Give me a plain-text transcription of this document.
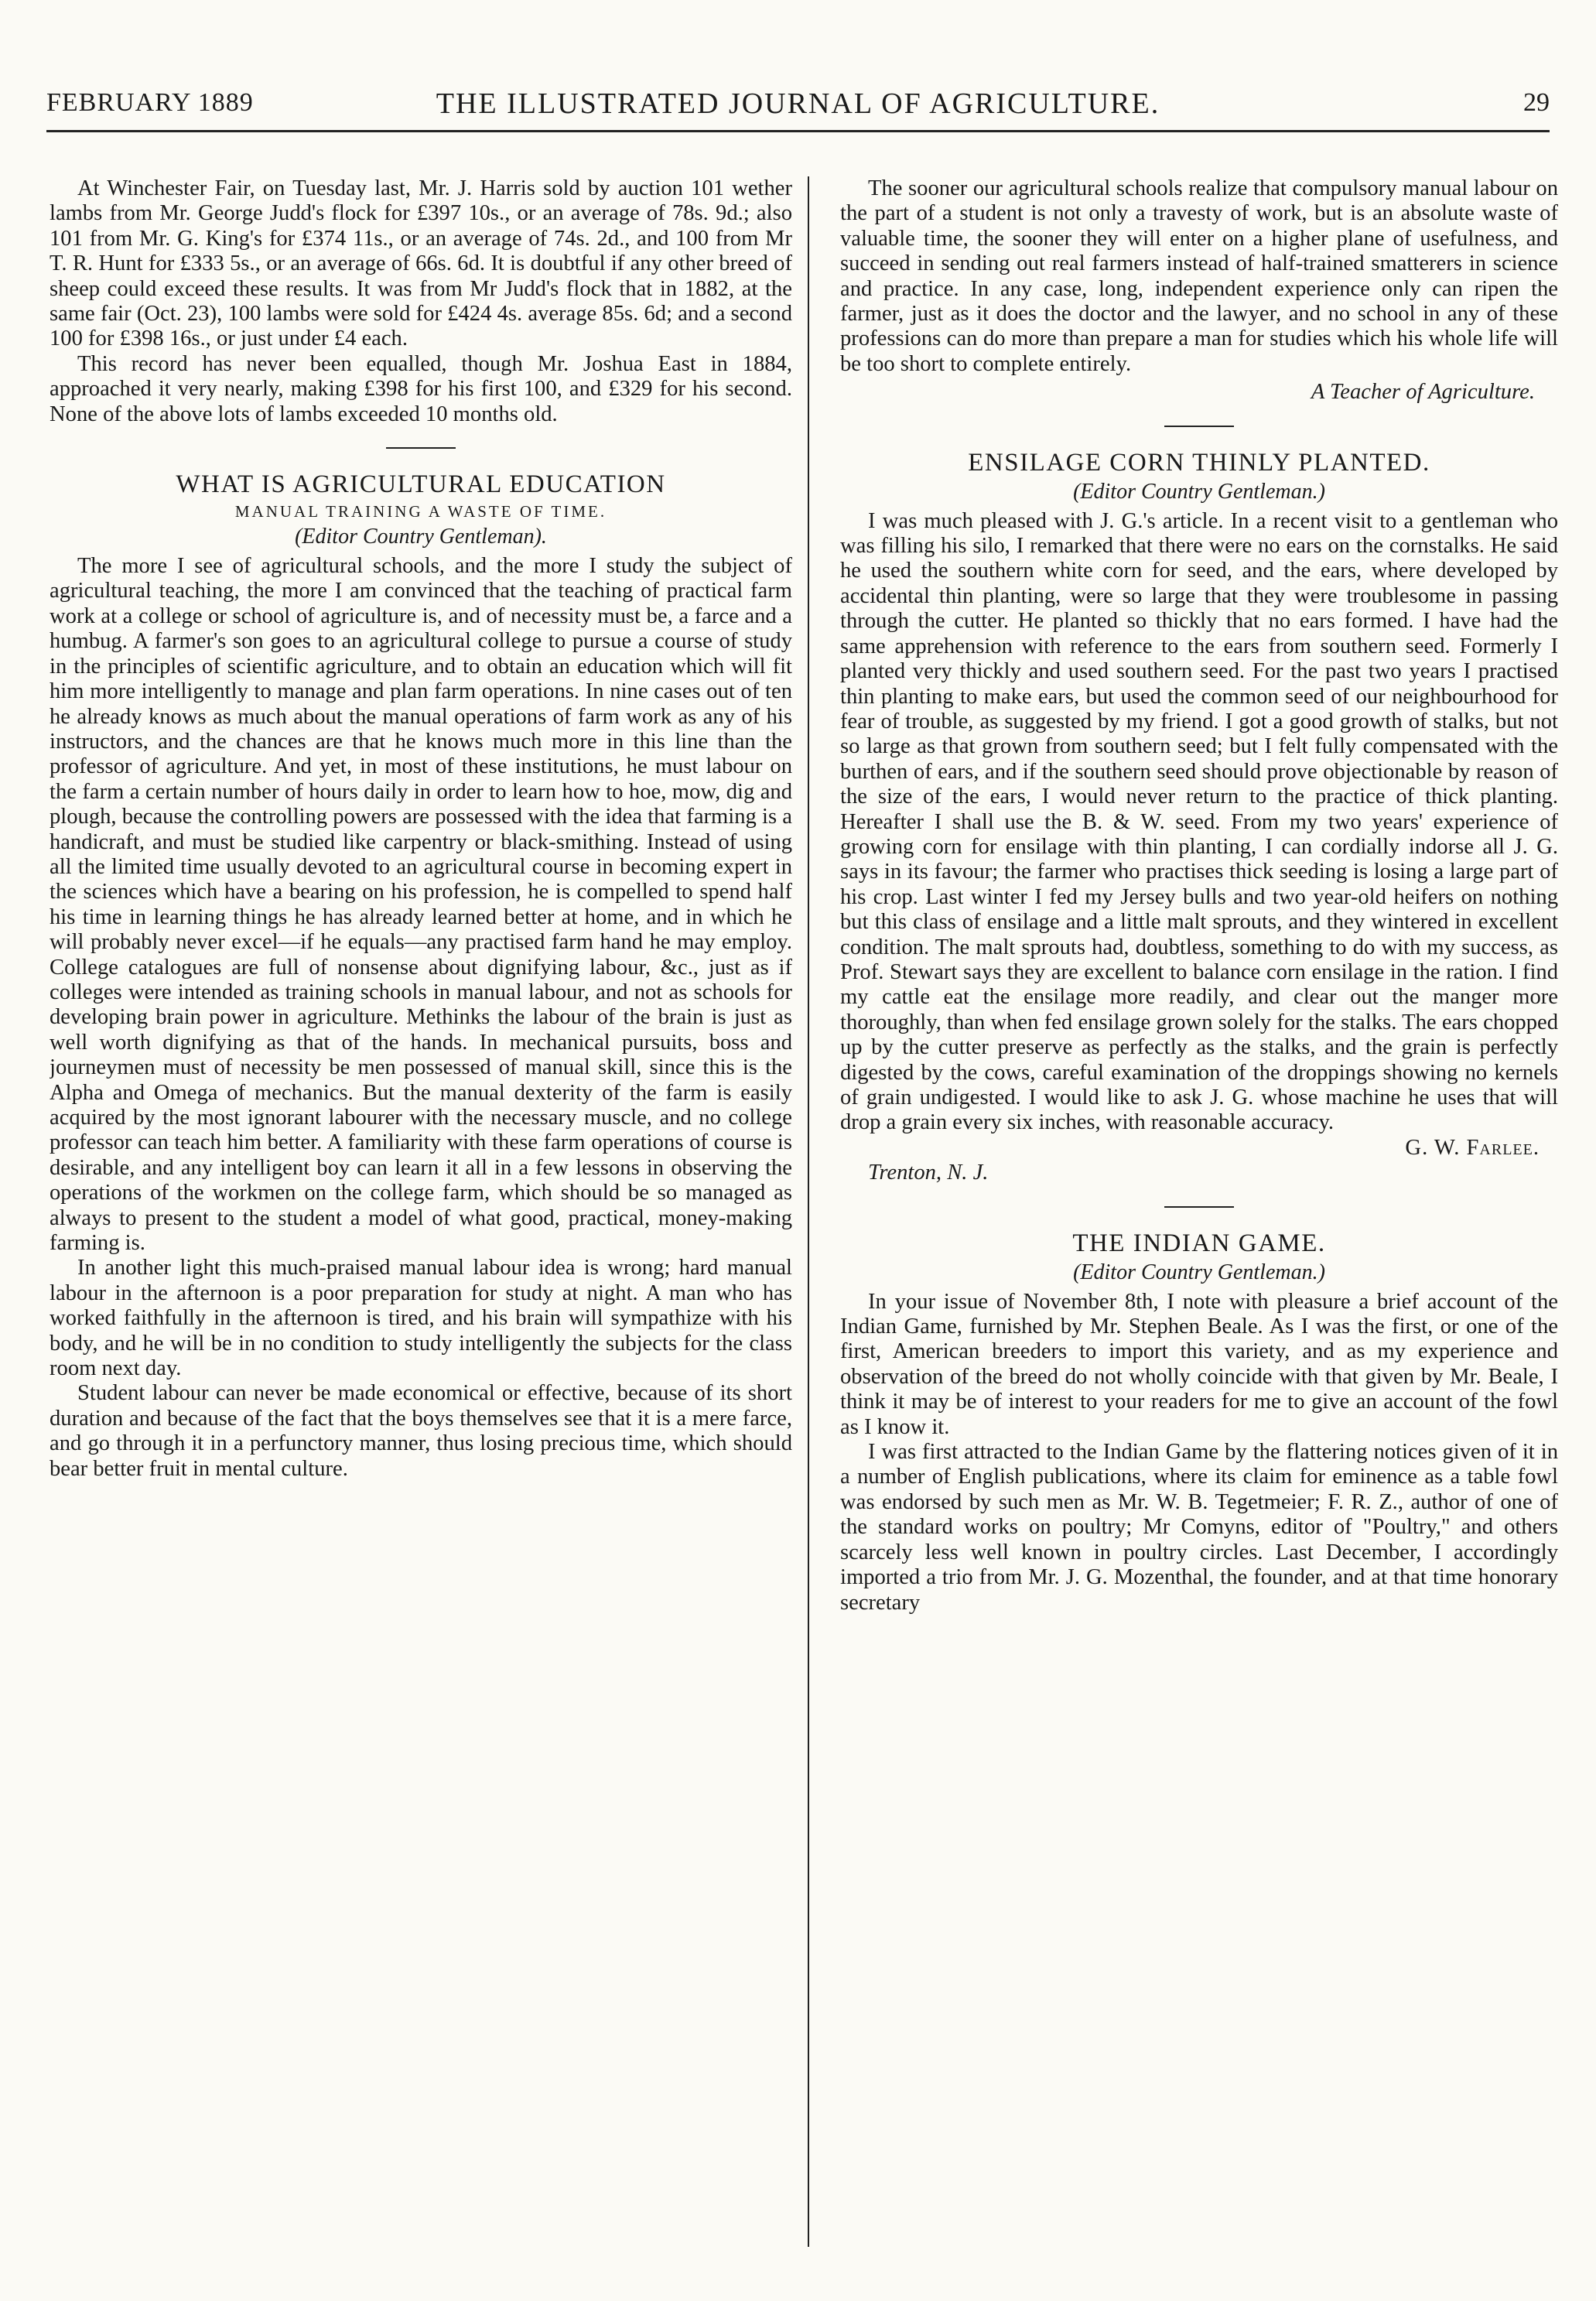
FEBRUARY 1889	THE ILLUSTRATED JOURNAL OF AGRICULTURE.	29

At Winchester Fair, on Tuesday last, Mr. J. Harris sold by auction 101 wether lambs from Mr. George Judd's flock for £397 10s., or an average of 78s. 9d.; also 101 from Mr. G. King's for £374 11s., or an average of 74s. 2d., and 100 from Mr T. R. Hunt for £333 5s., or an average of 66s. 6d. It is doubtful if any other breed of sheep could exceed these results. It was from Mr Judd's flock that in 1882, at the same fair (Oct. 23), 100 lambs were sold for £424 4s. average 85s. 6d; and a second 100 for £398 16s., or just under £4 each.

This record has never been equalled, though Mr. Joshua East in 1884, approached it very nearly, making £398 for his first 100, and £329 for his second. None of the above lots of lambs exceeded 10 months old.

WHAT IS AGRICULTURAL EDUCATION
MANUAL TRAINING A WASTE OF TIME.
(Editor Country Gentleman).

The more I see of agricultural schools, and the more I study the subject of agricultural teaching, the more I am convinced that the teaching of practical farm work at a college or school of agriculture is, and of necessity must be, a farce and a humbug. A farmer's son goes to an agricultural college to pursue a course of study in the principles of scientific agriculture, and to obtain an education which will fit him more intelligently to manage and plan farm operations. In nine cases out of ten he already knows as much about the manual operations of farm work as any of his instructors, and the chances are that he knows much more in this line than the professor of agriculture. And yet, in most of these institutions, he must labour on the farm a certain number of hours daily in order to learn how to hoe, mow, dig and plough, because the controlling powers are possessed with the idea that farming is a handicraft, and must be studied like carpentry or black-smithing. Instead of using all the limited time usually devoted to an agricultural course in becoming expert in the sciences which have a bearing on his profession, he is compelled to spend half his time in learning things he has already learned better at home, and in which he will probably never excel—if he equals—any practised farm hand he may employ. College catalogues are full of nonsense about dignifying labour, &c., just as if colleges were intended as training schools in manual labour, and not as schools for developing brain power in agriculture. Methinks the labour of the brain is just as well worth dignifying as that of the hands. In mechanical pursuits, boss and journeymen must of necessity be men possessed of manual skill, since this is the Alpha and Omega of mechanics. But the manual dexterity of the farm is easily acquired by the most ignorant labourer with the necessary muscle, and no college professor can teach him better. A familiarity with these farm operations of course is desirable, and any intelligent boy can learn it all in a few lessons in observing the operations of the workmen on the college farm, which should be so managed as always to present to the student a model of what good, practical, money-making farming is.

In another light this much-praised manual labour idea is wrong; hard manual labour in the afternoon is a poor preparation for study at night. A man who has worked faithfully in the afternoon is tired, and his brain will sympathize with his body, and he will be in no condition to study intelligently the subjects for the class room next day.

Student labour can never be made economical or effective, because of its short duration and because of the fact that the boys themselves see that it is a mere farce, and go through it in a perfunctory manner, thus losing precious time, which should bear better fruit in mental culture.

The sooner our agricultural schools realize that compulsory manual labour on the part of a student is not only a travesty of work, but is an absolute waste of valuable time, the sooner they will enter on a higher plane of usefulness, and succeed in sending out real farmers instead of half-trained smatterers in science and practice. In any case, long, independent experience only can ripen the farmer, just as it does the doctor and the lawyer, and no school in any of these professions can do more than prepare a man for studies which his whole life will be too short to complete entirely.

A Teacher of Agriculture.
ENSILAGE CORN THINLY PLANTED.
(Editor Country Gentleman.)

I was much pleased with J. G.'s article. In a recent visit to a gentleman who was filling his silo, I remarked that there were no ears on the cornstalks. He said he used the southern white corn for seed, and the ears, where developed by accidental thin planting, were so large that they were troublesome in passing through the cutter. He planted so thickly that no ears formed. I have had the same apprehension with reference to the ears from southern seed. Formerly I planted very thickly and used southern seed. For the past two years I practised thin planting to make ears, but used the common seed of our neighbourhood for fear of trouble, as suggested by my friend. I got a good growth of stalks, but not so large as that grown from southern seed; but I felt fully compensated with the burthen of ears, and if the southern seed should prove objectionable by reason of the size of the ears, I would never return to the practice of thick planting. Hereafter I shall use the B. & W. seed. From my two years' experience of growing corn for ensilage with thin planting, I can cordially indorse all J. G. says in its favour; the farmer who practises thick seeding is losing a large part of his crop. Last winter I fed my Jersey bulls and two year-old heifers on nothing but this class of ensilage and a little malt sprouts, and they wintered in excellent condition. The malt sprouts had, doubtless, something to do with my success, as Prof. Stewart says they are excellent to balance corn ensilage in the ration. I find my cattle eat the ensilage more readily, and clear out the manger more thoroughly, than when fed ensilage grown solely for the stalks. The ears chopped up by the cutter preserve as perfectly as the stalks, and the grain is perfectly digested by the cows, careful examination of the droppings showing no kernels of grain undigested. I would like to ask J. G. whose machine he uses that will drop a grain every six inches, with reasonable accuracy.

G. W. Farlee.
Trenton, N. J.
THE INDIAN GAME.
(Editor Country Gentleman.)

In your issue of November 8th, I note with pleasure a brief account of the Indian Game, furnished by Mr. Stephen Beale. As I was the first, or one of the first, American breeders to import this variety, and as my experience and observation of the breed do not wholly coincide with that given by Mr. Beale, I think it may be of interest to your readers for me to give an account of the fowl as I know it.

I was first attracted to the Indian Game by the flattering notices given of it in a number of English publications, where its claim for eminence as a table fowl was endorsed by such men as Mr. W. B. Tegetmeier; F. R. Z., author of one of the standard works on poultry; Mr Comyns, editor of "Poultry," and others scarcely less well known in poultry circles. Last December, I accordingly imported a trio from Mr. J. G. Mozenthal, the founder, and at that time honorary secretary
